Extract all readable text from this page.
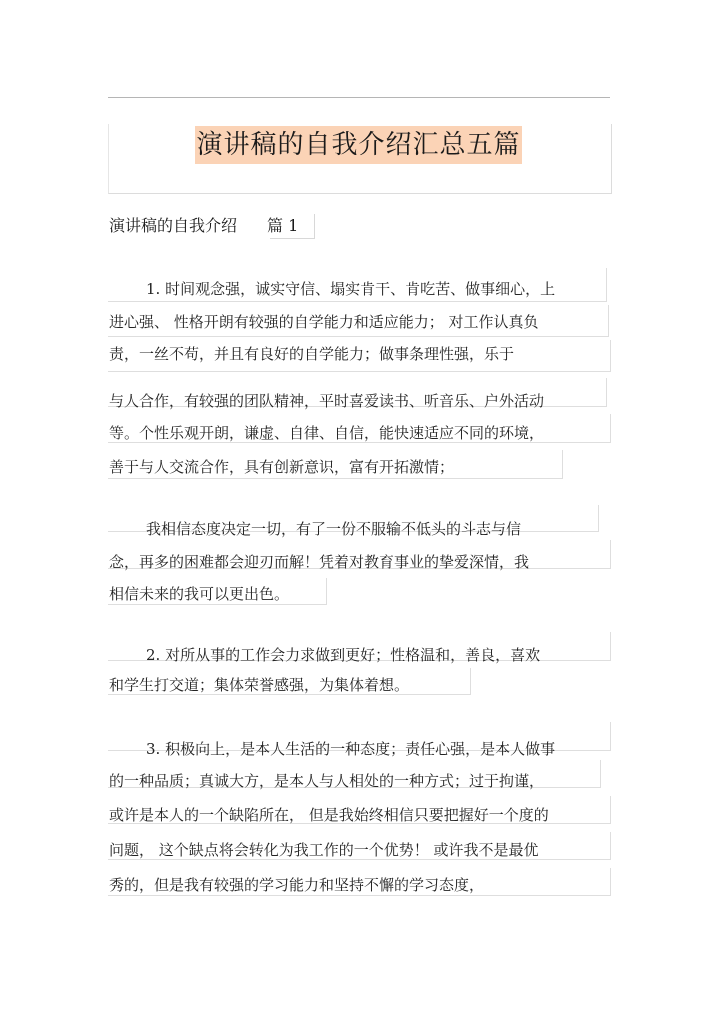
演讲稿的自我介绍汇总五篇
演讲稿的自我介绍 篇 1
1. 时间观念强，诚实守信、塌实肯干、肯吃苦、做事细心，上
进心强、 性格开朗有较强的自学能力和适应能力； 对工作认真负
责，一丝不苟，并且有良好的自学能力；做事条理性强，乐于
与人合作，有较强的团队精神，平时喜爱读书、听音乐、户外活动
等。个性乐观开朗，谦虚、自律、自信，能快速适应不同的环境，
善于与人交流合作，具有创新意识，富有开拓激情；
我相信态度决定一切，有了一份不服输不低头的斗志与信
念，再多的困难都会迎刃而解！凭着对教育事业的挚爱深情，我
相信未来的我可以更出色。
2. 对所从事的工作会力求做到更好；性格温和，善良，喜欢
和学生打交道；集体荣誉感强，为集体着想。
3. 积极向上，是本人生活的一种态度；责任心强，是本人做事
的一种品质；真诚大方，是本人与人相处的一种方式；过于拘谨，
或许是本人的一个缺陷所在， 但是我始终相信只要把握好一个度的
问题， 这个缺点将会转化为我工作的一个优势！ 或许我不是最优
秀的，但是我有较强的学习能力和坚持不懈的学习态度，
